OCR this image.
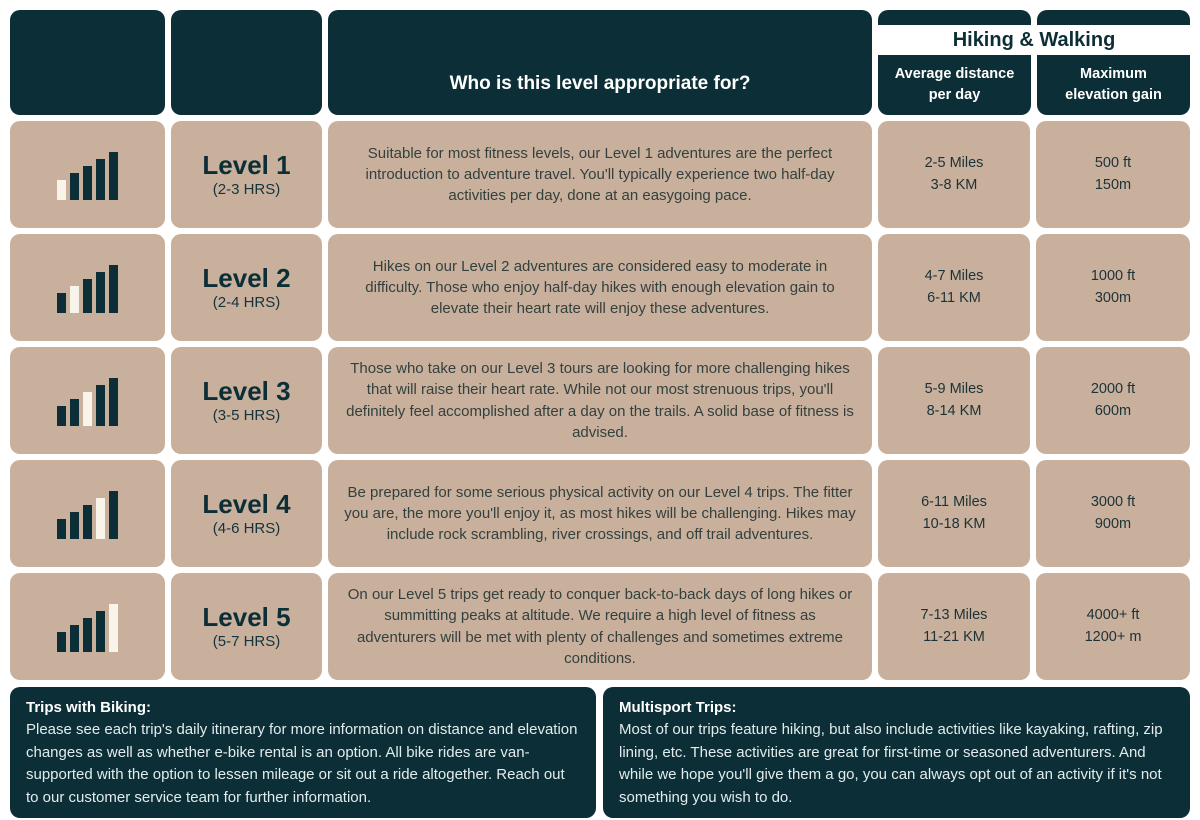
Who is this level appropriate for?	Average distance
per day
Maximum
elevation gain
Hiking & Walking
Level 1
(2-3 HRS)

Suitable for most fitness levels, our Level 1 adventures are the perfect introduction to adventure travel. You'll typically experience two half-day activities per day, done at an easygoing pace.

2-5 Miles
3-8 KM
500 ft
150m
Level 2
(2-4 HRS)

Hikes on our Level 2 adventures are considered easy to moderate in difficulty. Those who enjoy half-day hikes with enough elevation gain to elevate their heart rate will enjoy these adventures.

4-7 Miles
6-11 KM
1000 ft
300m
Level 3
(3-5 HRS)

Those who take on our Level 3 tours are looking for more challenging hikes that will raise their heart rate. While not our most strenuous trips, you'll definitely feel accomplished after a day on the trails. A solid base of fitness is advised.

5-9 Miles
8-14 KM
2000 ft
600m
Level 4
(4-6 HRS)

Be prepared for some serious physical activity on our Level 4 trips. The fitter you are, the more you'll enjoy it, as most hikes will be challenging. Hikes may include rock scrambling, river crossings, and off trail adventures.

6-11 Miles
10-18 KM
3000 ft
900m
Level 5
(5-7 HRS)

On our Level 5 trips get ready to conquer back-to-back days of long hikes or summitting peaks at altitude. We require a high level of fitness as adventurers will be met with plenty of challenges and sometimes extreme conditions.

7-13 Miles
11-21 KM
4000+ ft
1200+ m
Trips with Biking:
Please see each trip's daily itinerary for more information on distance and elevation changes as well as whether e-bike rental is an option. All bike rides are van-supported with the option to lessen mileage or sit out a ride altogether. Reach out to our customer service team for further information.
Multisport Trips:
Most of our trips feature hiking, but also include activities like kayaking, rafting, zip lining, etc. These activities are great for first-time or seasoned adventurers. And while we hope you'll give them a go, you can always opt out of an activity if it's not something you wish to do.
